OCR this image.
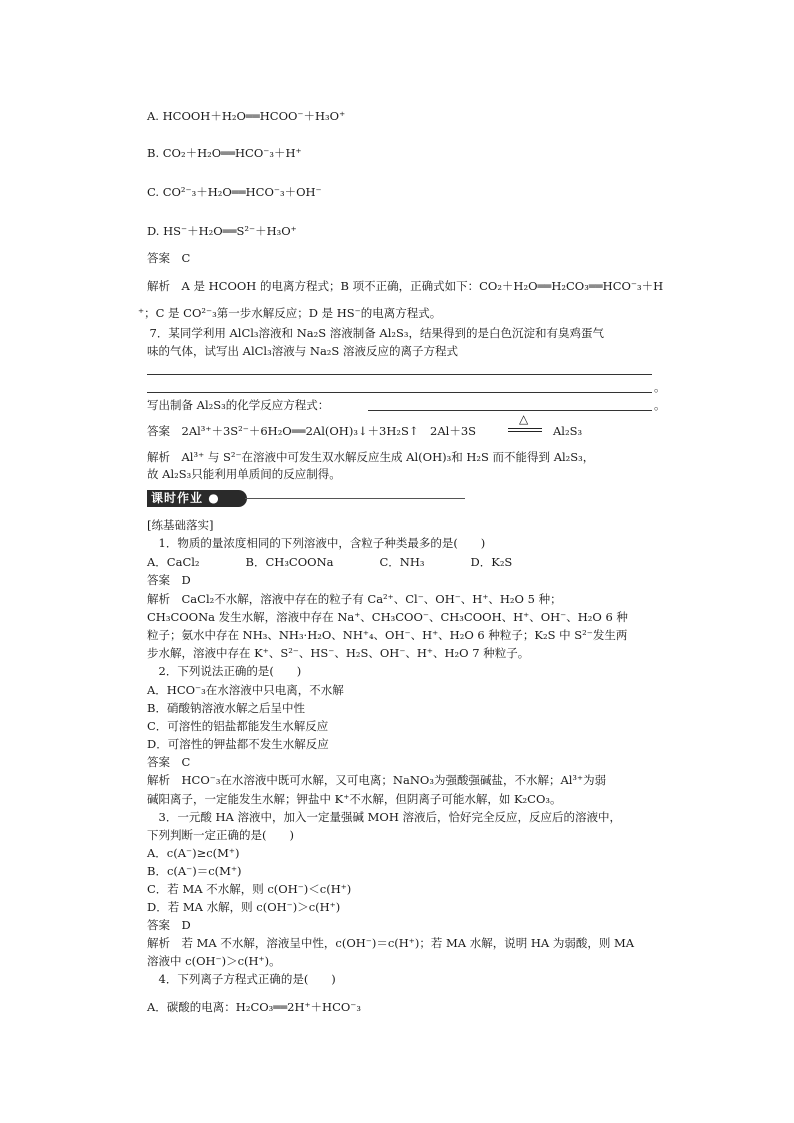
A. HCOOH＋H₂O══HCOO⁻＋H₃O⁺
B. CO₂＋H₂O══HCO⁻₃＋H⁺
C. CO²⁻₃＋H₂O══HCO⁻₃＋OH⁻
D. HS⁻＋H₂O══S²⁻＋H₃O⁺
答案　C
解析　A 是 HCOOH 的电离方程式；B 项不正确，正确式如下：CO₂＋H₂O══H₂CO₃══HCO⁻₃＋H
⁺；C 是 CO²⁻₃第一步水解反应；D 是 HS⁻的电离方程式。
　7．某同学利用 AlCl₃溶液和 Na₂S 溶液制备 Al₂S₃，结果得到的是白色沉淀和有臭鸡蛋气
味的气体，试写出 AlCl₃溶液与 Na₂S 溶液反应的离子方程式
。
写出制备 Al₂S₃的化学反应方程式：	。
答案　2Al³⁺＋3S²⁻＋6H₂O══2Al(OH)₃↓＋3H₂S↑　2Al＋3S
△
Al₂S₃
解析　Al³⁺ 与 S²⁻在溶液中可发生双水解反应生成 Al(OH)₃和 H₂S 而不能得到 Al₂S₃，
故 Al₂S₃只能利用单质间的反应制得。
课时作业 ●
[练基础落实]
　1．物质的量浓度相同的下列溶液中，含粒子种类最多的是(　　)
A．CaCl₂　　　　B．CH₃COONa　　　　C．NH₃　　　　D．K₂S
答案　D
解析　CaCl₂不水解，溶液中存在的粒子有 Ca²⁺、Cl⁻、OH⁻、H⁺、H₂O 5 种；
CH₃COONa 发生水解，溶液中存在 Na⁺、CH₃COO⁻、CH₃COOH、H⁺、OH⁻、H₂O 6 种
粒子；氨水中存在 NH₃、NH₃·H₂O、NH⁺₄、OH⁻、H⁺、H₂O 6 种粒子；K₂S 中 S²⁻发生两
步水解，溶液中存在 K⁺、S²⁻、HS⁻、H₂S、OH⁻、H⁺、H₂O 7 种粒子。
　2．下列说法正确的是(　　)
A．HCO⁻₃在水溶液中只电离，不水解
B．硝酸钠溶液水解之后呈中性
C．可溶性的铝盐都能发生水解反应
D．可溶性的钾盐都不发生水解反应
答案　C
解析　HCO⁻₃在水溶液中既可水解，又可电离；NaNO₃为强酸强碱盐，不水解；Al³⁺为弱
碱阳离子，一定能发生水解；钾盐中 K⁺不水解，但阴离子可能水解，如 K₂CO₃。
　3．一元酸 HA 溶液中，加入一定量强碱 MOH 溶液后，恰好完全反应，反应后的溶液中，
下列判断一定正确的是(　　)
A．c(A⁻)≥c(M⁺)
B．c(A⁻)＝c(M⁺)
C．若 MA 不水解，则 c(OH⁻)＜c(H⁺)
D．若 MA 水解，则 c(OH⁻)＞c(H⁺)
答案　D
解析　若 MA 不水解，溶液呈中性，c(OH⁻)＝c(H⁺)；若 MA 水解，说明 HA 为弱酸，则 MA
溶液中 c(OH⁻)＞c(H⁺)。
　4．下列离子方程式正确的是(　　)
A．碳酸的电离：H₂CO₃══2H⁺＋HCO⁻₃
